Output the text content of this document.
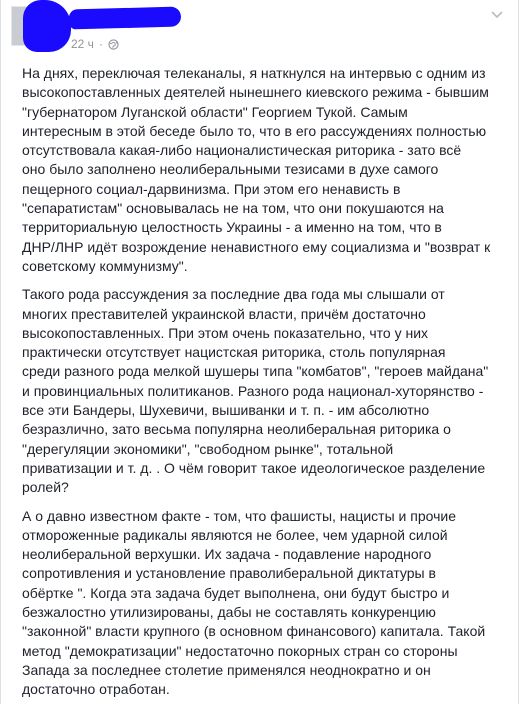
22 ч ·

На днях, переключая телеканалы, я наткнулся на интервью с одним из
высокопоставленных деятелей нынешнего киевского режима - бывшим
"губернатором Луганской области" Георгием Тукой. Самым
интересным в этой беседе было то, что в его рассуждениях полностью
отсутствовала какая-либо националистическая риторика - зато всё
оно было заполнено неолиберальными тезисами в духе самого
пещерного социал-дарвинизма. При этом его ненависть в
"сепаратистам" основывалась не на том, что они покушаются на
территориальную целостность Украины - а именно на том, что в
ДНР/ЛНР идёт возрождение ненавистного ему социализма и "возврат к
советскому коммунизму".

Такого рода рассуждения за последние два года мы слышали от
многих преставителей украинской власти, причём достаточно
высокопоставленных. При этом очень показательно, что у них
практически отсутствует нацистская риторика, столь популярная
среди разного рода мелкой шушеры типа "комбатов", "героев майдана"
и провинциальных политиканов. Разного рода национал-хуторянство -
все эти Бандеры, Шухевичи, вышиванки и т. п. - им абсолютно
безразлично, зато весьма популярна неолиберальная риторика о
"дерегуляции экономики", "свободном рынке", тотальной
приватизации и т. д. . О чём говорит такое идеологическое разделение
ролей?

А о давно известном факте - том, что фашисты, нацисты и прочие
отмороженные радикалы являются не более, чем ударной силой
неолиберальной верхушки. Их задача - подавление народного
сопротивления и установление праволиберальной диктатуры в
обёртке ". Когда эта задача будет выполнена, они будут быстро и
безжалостно утилизированы, дабы не составлять конкуренцию
"законной" власти крупного (в основном финансового) капитала. Такой
метод "демократизации" недостаточно покорных стран со стороны
Запада за последнее столетие применялся неоднократно и он
достаточно отработан.
